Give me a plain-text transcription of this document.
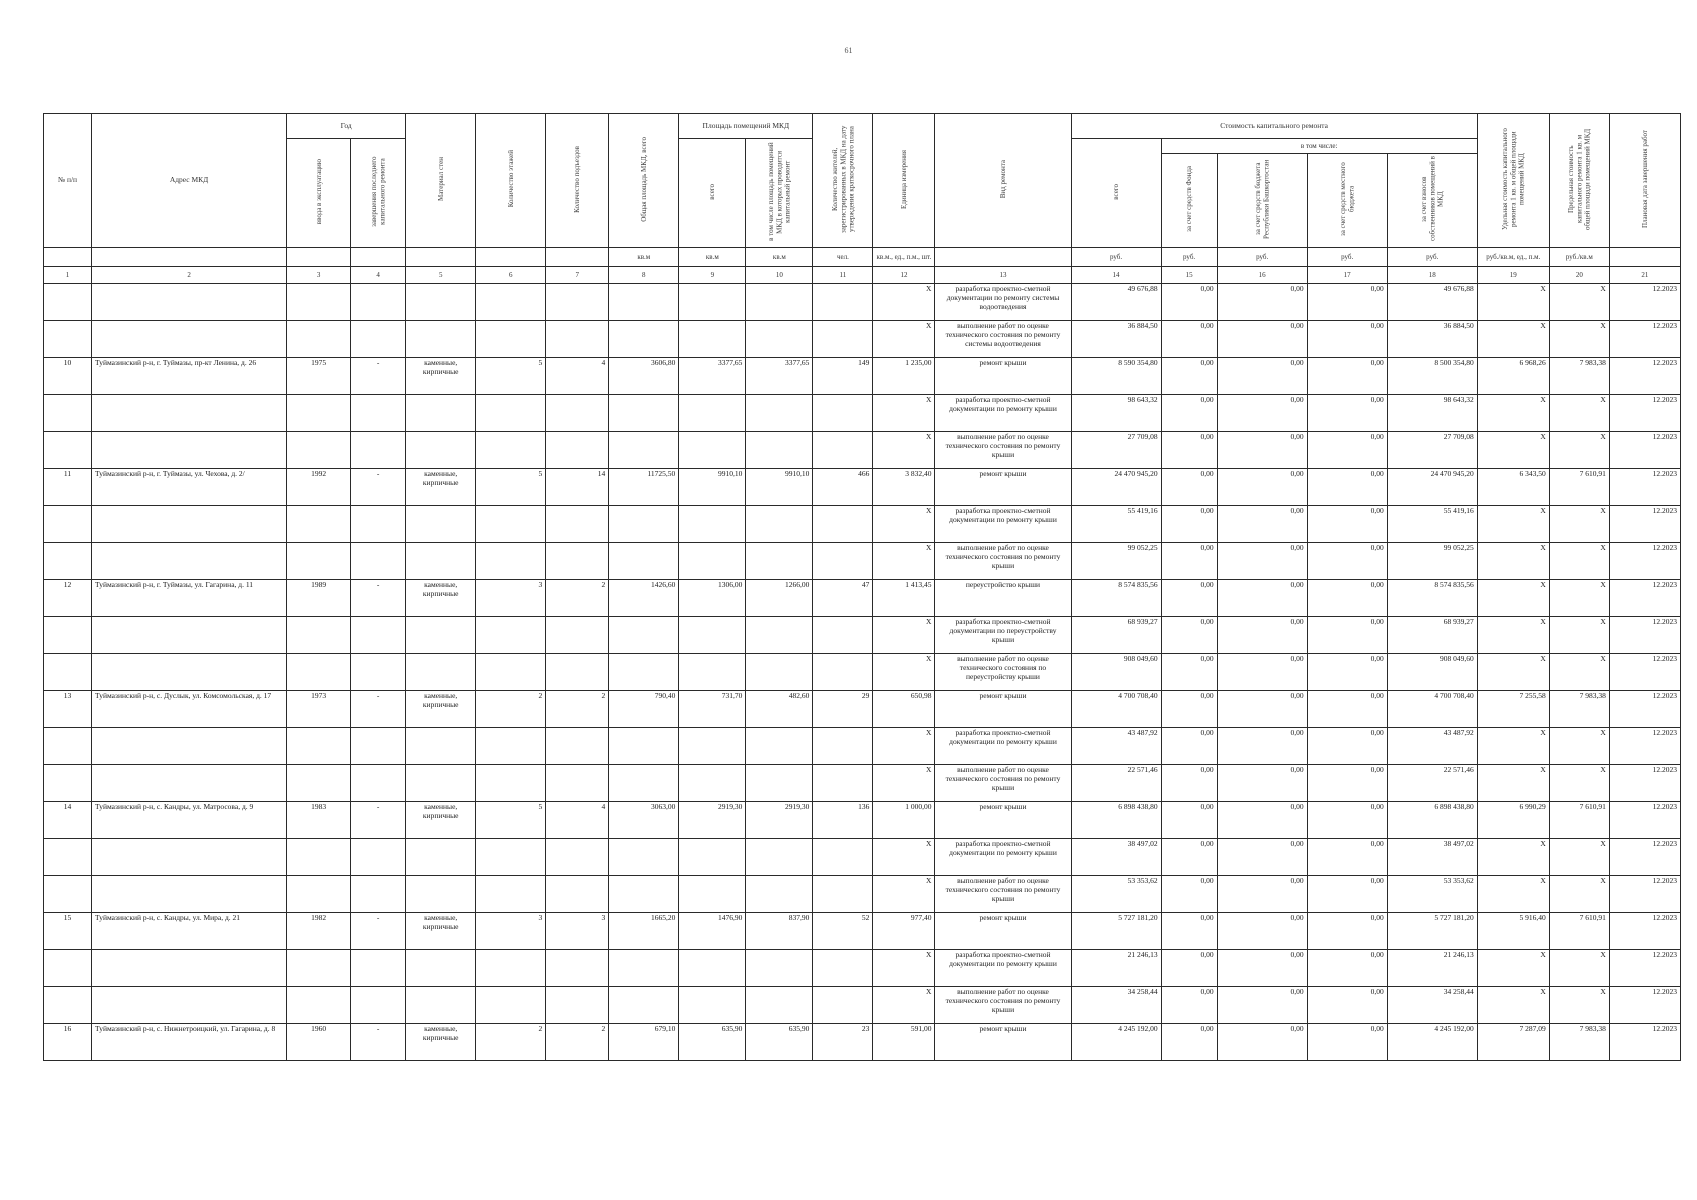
61
№ п/п	Адрес МКД	Год		Материал стен	Количество этажей	Количество подъездов	Общая площадь МКД, всего	Площадь помещений МКД		Количество жителей, зарегистрированных в МКД на дату утверждения краткосрочного плана	Единица измерения	Вид ремонта	Стоимость капитального ремонта					Удельная стоимость капитального ремонта 1 кв. м общей площади помещений МКД	Предельная стоимость капитального ремонта 1 кв. м общей площади помещений МКД	Плановая дата завершения работ
		ввода в эксплуатацию	завершения последнего капитального ремонта					всего	в том числе площадь помещений МКД в которых проводится капитальный ремонт				всего	в том числе:						
														за счет средств Фонда	за счет средств бюджета Республики Башкортостан	за счет средств местного бюджета	за счет взносов собственников помещений в МКД			
							кв.м	кв.м	кв.м	чел.	кв.м., ед., п.м., шт.		руб.	руб.	руб.	руб.	руб.	руб./кв.м, ед., п.м.	руб./кв.м	
1	2	3	4	5	6	7	8	9	10	11	12	13	14	15	16	17	18	19	20	21
											X	разработка проектно-сметной документации по ремонту системы водоотведения	49 676,88	0,00	0,00	0,00	49 676,88	X	X	12.2023
											X	выполнение работ по оценке технического состояния по ремонту системы водоотведения	36 884,50	0,00	0,00	0,00	36 884,50	X	X	12.2023
10	Туймазинский р-н, г. Туймазы, пр-кт Ленина, д. 26	1975	-	каменные, кирпичные	5	4	3606,80	3377,65	3377,65	149	1 235,00	ремонт крыши	8 590 354,80	0,00	0,00	0,00	8 500 354,80	6 968,26	7 983,38	12.2023
											X	разработка проектно-сметной документации по ремонту крыши	98 643,32	0,00	0,00	0,00	98 643,32	X	X	12.2023
											X	выполнение работ по оценке технического состояния по ремонту крыши	27 709,08	0,00	0,00	0,00	27 709,08	X	X	12.2023
11	Туймазинский р-н, г. Туймазы, ул. Чехова, д. 2/	1992	-	каменные, кирпичные	5	14	11725,50	9910,10	9910,10	466	3 832,40	ремонт крыши	24 470 945,20	0,00	0,00	0,00	24 470 945,20	6 343,50	7 610,91	12.2023
											X	разработка проектно-сметной документации по ремонту крыши	55 419,16	0,00	0,00	0,00	55 419,16	X	X	12.2023
											X	выполнение работ по оценке технического состояния по ремонту крыши	99 052,25	0,00	0,00	0,00	99 052,25	X	X	12.2023
12	Туймазинский р-н, г. Туймазы, ул. Гагарина, д. 11	1989	-	каменные, кирпичные	3	2	1426,60	1306,00	1266,00	47	1 413,45	переустройство крыши	8 574 835,56	0,00	0,00	0,00	8 574 835,56	X	X	12.2023
											X	разработка проектно-сметной документации по переустройству крыши	68 939,27	0,00	0,00	0,00	68 939,27	X	X	12.2023
											X	выполнение работ по оценке технического состояния по переустройству крыши	908 049,60	0,00	0,00	0,00	908 049,60	X	X	12.2023
13	Туймазинский р-н, с. Дуслык, ул. Комсомольская, д. 17	1973	-	каменные, кирпичные	2	2	790,40	731,70	482,60	29	650,98	ремонт крыши	4 700 708,40	0,00	0,00	0,00	4 700 708,40	7 255,58	7 983,38	12.2023
											X	разработка проектно-сметной документации по ремонту крыши	43 487,92	0,00	0,00	0,00	43 487,92	X	X	12.2023
											X	выполнение работ по оценке технического состояния по ремонту крыши	22 571,46	0,00	0,00	0,00	22 571,46	X	X	12.2023
14	Туймазинский р-н, с. Кандры, ул. Матросова, д. 9	1983	-	каменные, кирпичные	5	4	3063,00	2919,30	2919,30	136	1 000,00	ремонт крыши	6 898 438,80	0,00	0,00	0,00	6 898 438,80	6 990,29	7 610,91	12.2023
											X	разработка проектно-сметной документации по ремонту крыши	38 497,02	0,00	0,00	0,00	38 497,02	X	X	12.2023
											X	выполнение работ по оценке технического состояния по ремонту крыши	53 353,62	0,00	0,00	0,00	53 353,62	X	X	12.2023
15	Туймазинский р-н, с. Кандры, ул. Мира, д. 21	1982	-	каменные, кирпичные	3	3	1665,20	1476,90	837,90	52	977,40	ремонт крыши	5 727 181,20	0,00	0,00	0,00	5 727 181,20	5 916,40	7 610,91	12.2023
											X	разработка проектно-сметной документации по ремонту крыши	21 246,13	0,00	0,00	0,00	21 246,13	X	X	12.2023
											X	выполнение работ по оценке технического состояния по ремонту крыши	34 258,44	0,00	0,00	0,00	34 258,44	X	X	12.2023
16	Туймазинский р-н, с. Нижнетроицкий, ул. Гагарина, д. 8	1960	-	каменные, кирпичные	2	2	679,10	635,90	635,90	23	591,00	ремонт крыши	4 245 192,00	0,00	0,00	0,00	4 245 192,00	7 287,09	7 983,38	12.2023
